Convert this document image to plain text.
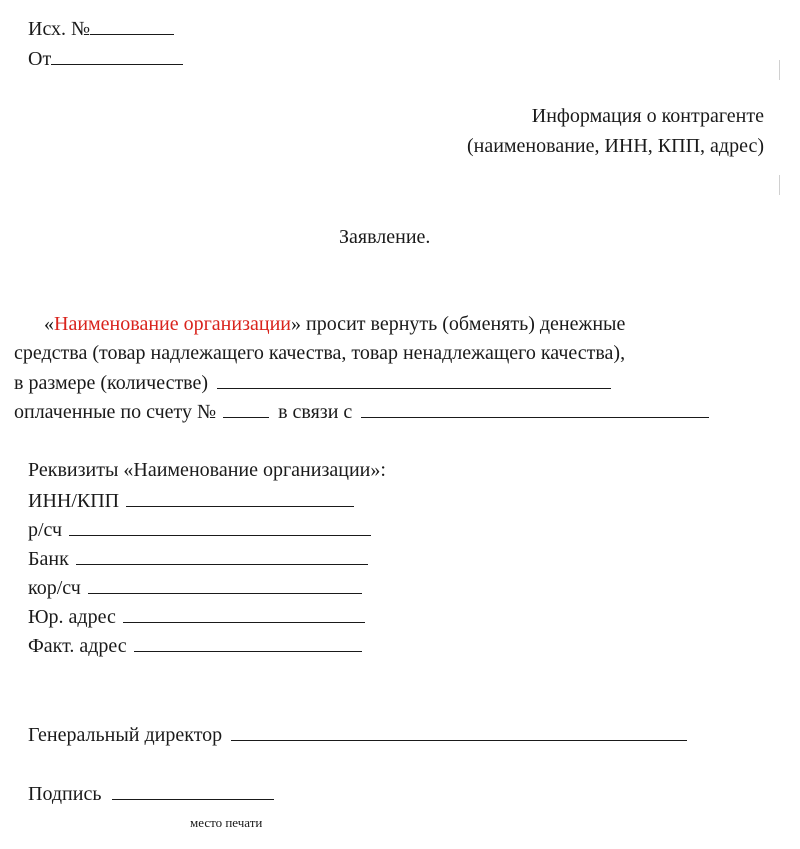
Исх. №
От
Информация о контрагенте
(наименование, ИНН, КПП, адрес)
Заявление.
«Наименование организации» просит вернуть (обменять) денежные
средства (товар надлежащего качества, товар ненадлежащего качества),
в размере (количестве)
оплаченные по счету №	в связи с
Реквизиты «Наименование организации»:
ИНН/КПП
р/сч
Банк
кор/сч
Юр. адрес
Факт. адрес
Генеральный директор
Подпись
место печати
